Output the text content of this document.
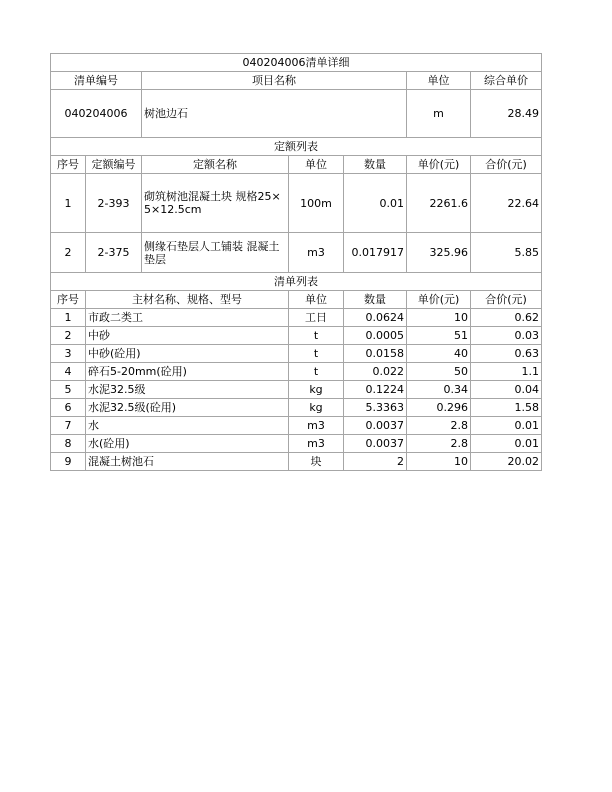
040204006清单详细						
清单编号		项目名称			单位	综合单价
040204006		树池边石			m	28.49
定额列表						
序号	定额编号	定额名称	单位	数量	单价(元)	合价(元)
1	2-393	砌筑树池混凝土块 规格25×5×12.5cm	100m	0.01	2261.6	22.64
2	2-375	侧缘石垫层人工铺装 混凝土垫层	m3	0.017917	325.96	5.85
清单列表						
序号	主材名称、规格、型号		单位	数量	单价(元)	合价(元)
1	市政二类工		工日	0.0624	10	0.62
2	中砂		t	0.0005	51	0.03
3	中砂(砼用)		t	0.0158	40	0.63
4	碎石5-20mm(砼用)		t	0.022	50	1.1
5	水泥32.5级		kg	0.1224	0.34	0.04
6	水泥32.5级(砼用)		kg	5.3363	0.296	1.58
7	水		m3	0.0037	2.8	0.01
8	水(砼用)		m3	0.0037	2.8	0.01
9	混凝土树池石		块	2	10	20.02
